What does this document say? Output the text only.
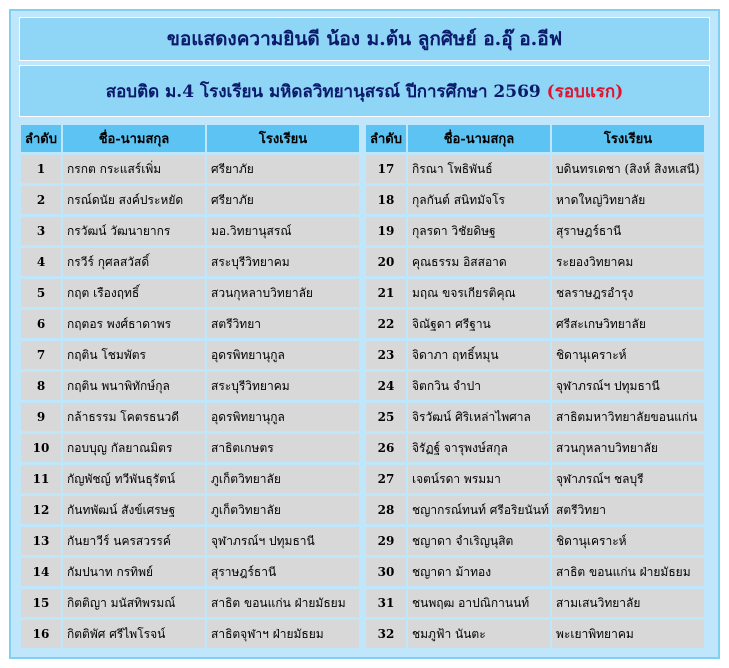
ขอแสดงความยินดี น้อง ม.ต้น ลูกศิษย์ อ.อุ๊ อ.อีฟ
สอบติด ม.4 โรงเรียน มหิดลวิทยานุสรณ์ ปีการศึกษา 2569
(รอบแรก)
ลำดับ	ชื่อ-นามสกุล	โรงเรียน
1	กรกต กระแสร์เพิ่ม	ศรียาภัย
2	กรณ์ดนัย สงค์ประหยัด	ศรียาภัย
3	กรวัฒน์ วัฒนายากร	มอ.วิทยานุสรณ์
4	กรวีร์ กุศลสวัสดิ์	สระบุรีวิทยาคม
5	กฤต เรืองฤทธิ์	สวนกุหลาบวิทยาลัย
6	กฤตอร พงศ์ธาดาพร	สตรีวิทยา
7	กฤติน โชมพัตร	อุดรพิทยานุกูล
8	กฤติน พนาพิทักษ์กุล	สระบุรีวิทยาคม
9	กล้าธรรม โคตรธนวดี	อุดรพิทยานุกูล
10	กอบบุญ กัลยาณมิตร	สาธิตเกษตร
11	กัญพัชญ์ ทวีพันธุรัตน์	ภูเก็ตวิทยาลัย
12	กันทพัฒน์ สังข์เศรษฐ	ภูเก็ตวิทยาลัย
13	กันยาวีร์ นครสวรรค์	จุฬาภรณ์ฯ ปทุมธานี
14	กัมปนาท กรทิพย์	สุราษฎร์ธานี
15	กิตติญา มนัสทิพรมณ์	สาธิต ขอนแก่น ฝ่ายมัธยม
16	กิตติพัศ ศรีไพโรจน์	สาธิตจุฬาฯ ฝ่ายมัธยม
ลำดับ	ชื่อ-นามสกุล	โรงเรียน
17	กิรณา โพธิพันธ์	บดินทรเดชา (สิงห์ สิงหเสนี)
18	กุลกันต์ สนิทมัจโร	หาดใหญ่วิทยาลัย
19	กุลรดา วิชัยดิษฐ	สุราษฎร์ธานี
20	คุณธรรม อิสสอาด	ระยองวิทยาคม
21	มฤณ ขจรเกียรติคุณ	ชลราษฎรอำรุง
22	จิณัฐดา ศรีฐาน	ศรีสะเกษวิทยาลัย
23	จิดาภา ฤทธิ์หมุน	ชิดานุเคราะห์
24	จิตกวิน จำปา	จุฬาภรณ์ฯ ปทุมธานี
25	จิรวัฒน์ ศิริเหล่าไพศาล	สาธิตมหาวิทยาลัยขอนแก่น
26	จิรัฏฐ์ จารุพงษ์สกุล	สวนกุหลาบวิทยาลัย
27	เจตน์รดา พรมมา	จุฬาภรณ์ฯ ชลบุรี
28	ชญากรณ์ทนท์ ศรีอริยนันท์	สตรีวิทยา
29	ชญาดา จำเริญนุสิต	ชิดานุเคราะห์
30	ชญาดา ม้าทอง	สาธิต ขอนแก่น ฝ่ายมัธยม
31	ชนพฤฒ อาปณิกานนท์	สามเสนวิทยาลัย
32	ชมภูฟ้า นันตะ	พะเยาพิทยาคม
